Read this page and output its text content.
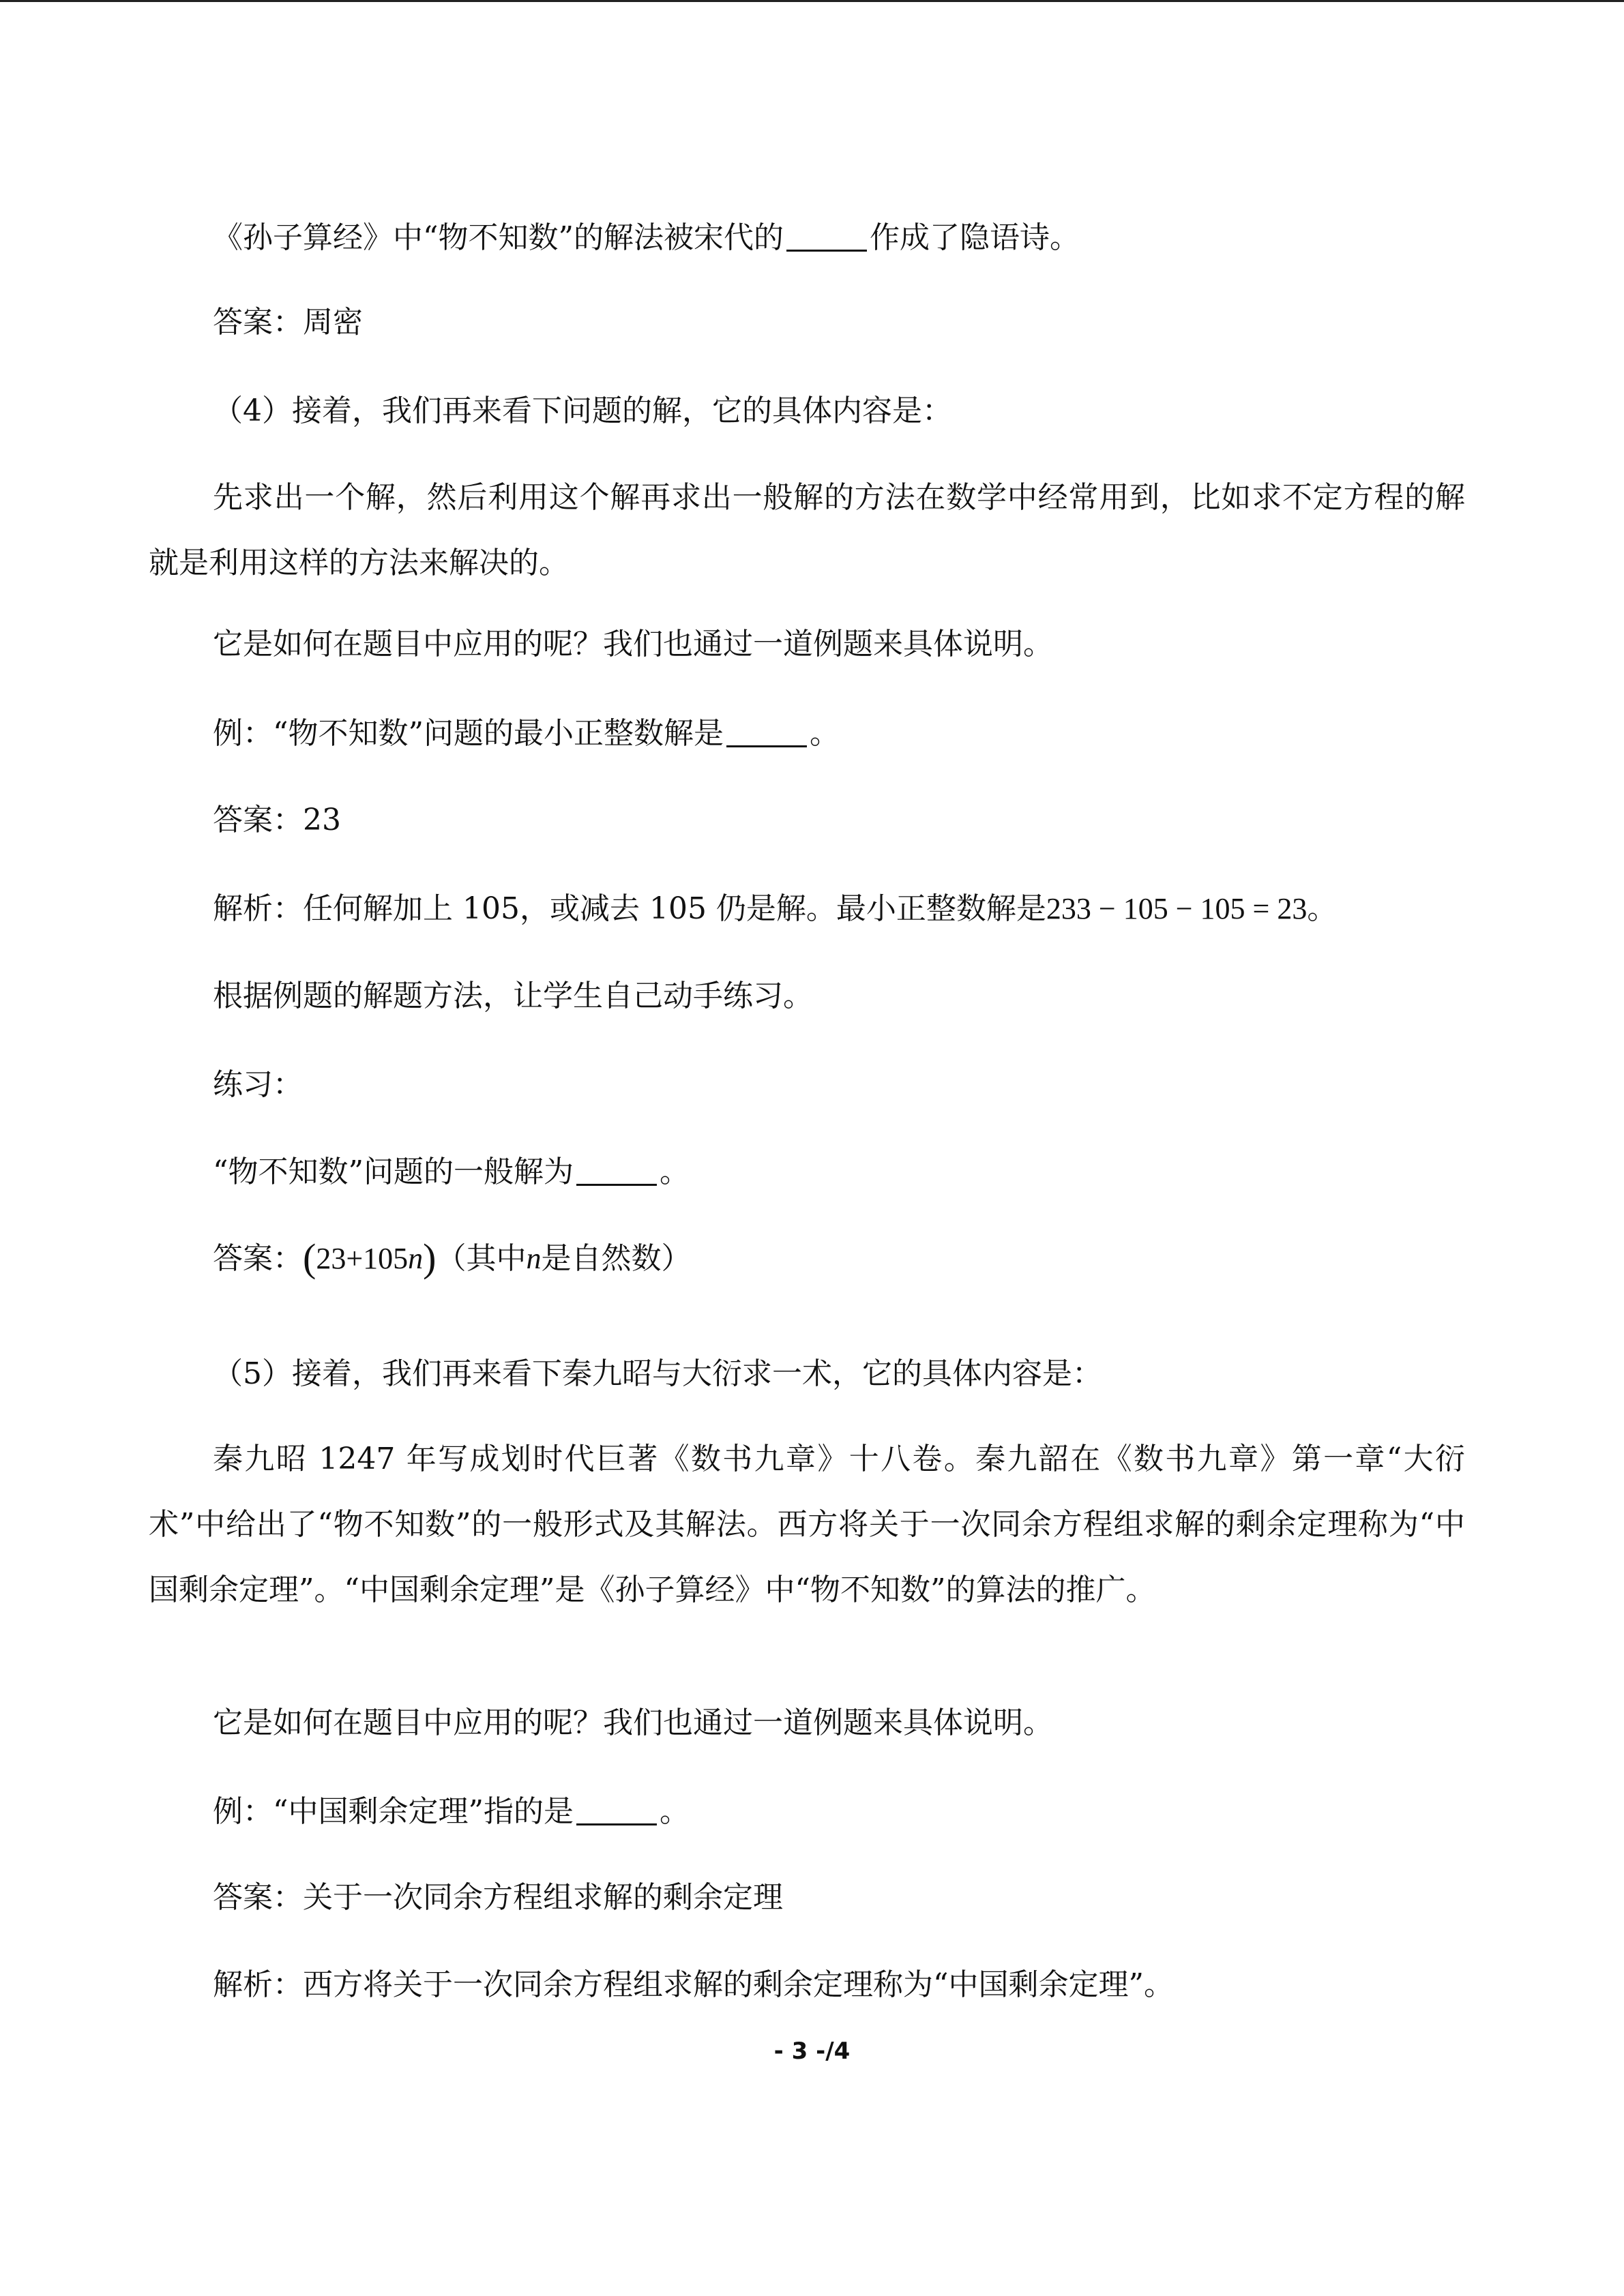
《孙子算经》中“物不知数”的解法被宋代的	作成了隐语诗。

答案：周密

（4）接着，我们再来看下问题的解，它的具体内容是：

先求出一个解，然后利用这个解再求出一般解的方法在数学中经常用到，比如求不定方程的解就是利用这样的方法来解决的。

它是如何在题目中应用的呢？我们也通过一道例题来具体说明。

例：“物不知数”问题的最小正整数解是	。

答案：23

解析：任何解加上 105，或减去 105 仍是解。最小正整数解是233 − 105 − 105 = 23。

根据例题的解题方法，让学生自己动手练习。

练习：

“物不知数”问题的一般解为	。

答案：(23+105n)（其中n是自然数）

（5）接着，我们再来看下秦九昭与大衍求一术，它的具体内容是：

秦九昭 1247 年写成划时代巨著《数书九章》十八卷。秦九韶在《数书九章》第一章“大衍术”中给出了“物不知数”的一般形式及其解法。西方将关于一次同余方程组求解的剩余定理称为“中国剩余定理”。“中国剩余定理”是《孙子算经》中“物不知数”的算法的推广。

它是如何在题目中应用的呢？我们也通过一道例题来具体说明。

例：“中国剩余定理”指的是	。

答案：关于一次同余方程组求解的剩余定理

解析：西方将关于一次同余方程组求解的剩余定理称为“中国剩余定理”。

- 3 -/4
